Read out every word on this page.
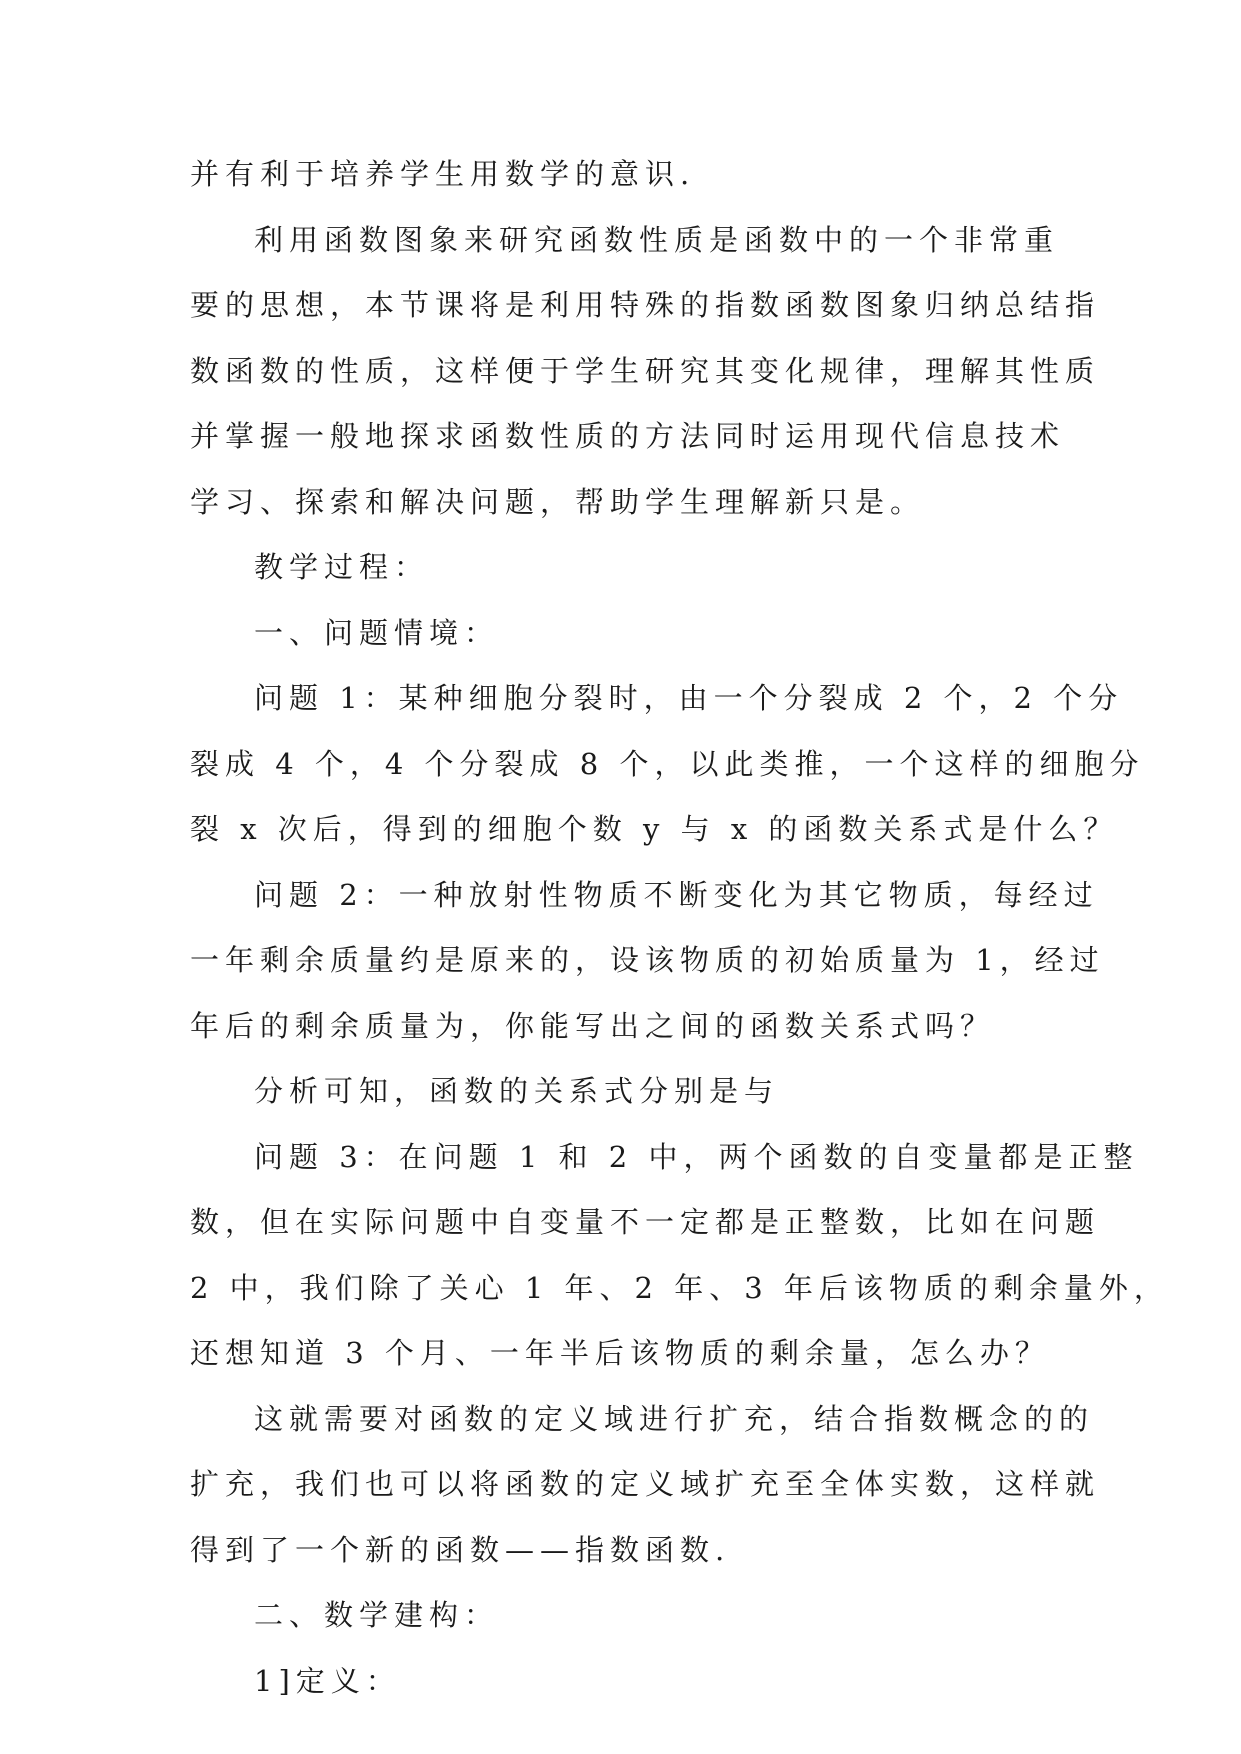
并有利于培养学生用数学的意识.
利用函数图象来研究函数性质是函数中的一个非常重
要的思想，本节课将是利用特殊的指数函数图象归纳总结指
数函数的性质，这样便于学生研究其变化规律，理解其性质
并掌握一般地探求函数性质的方法同时运用现代信息技术
学习、探索和解决问题，帮助学生理解新只是。
教学过程：
一、问题情境：
问题 1：某种细胞分裂时，由一个分裂成 2 个，2 个分
裂成 4 个，4 个分裂成 8 个，以此类推，一个这样的细胞分
裂 x 次后，得到的细胞个数 y 与 x 的函数关系式是什么？
问题 2：一种放射性物质不断变化为其它物质，每经过
一年剩余质量约是原来的，设该物质的初始质量为 1，经过
年后的剩余质量为，你能写出之间的函数关系式吗？
分析可知，函数的关系式分别是与
问题 3：在问题 1 和 2 中，两个函数的自变量都是正整
数，但在实际问题中自变量不一定都是正整数，比如在问题
2 中，我们除了关心 1 年、2 年、3 年后该物质的剩余量外，
还想知道 3 个月、一年半后该物质的剩余量，怎么办？
这就需要对函数的定义域进行扩充，结合指数概念的的
扩充，我们也可以将函数的定义域扩充至全体实数，这样就
得到了一个新的函数——指数函数.
二、数学建构：
1]定义：
